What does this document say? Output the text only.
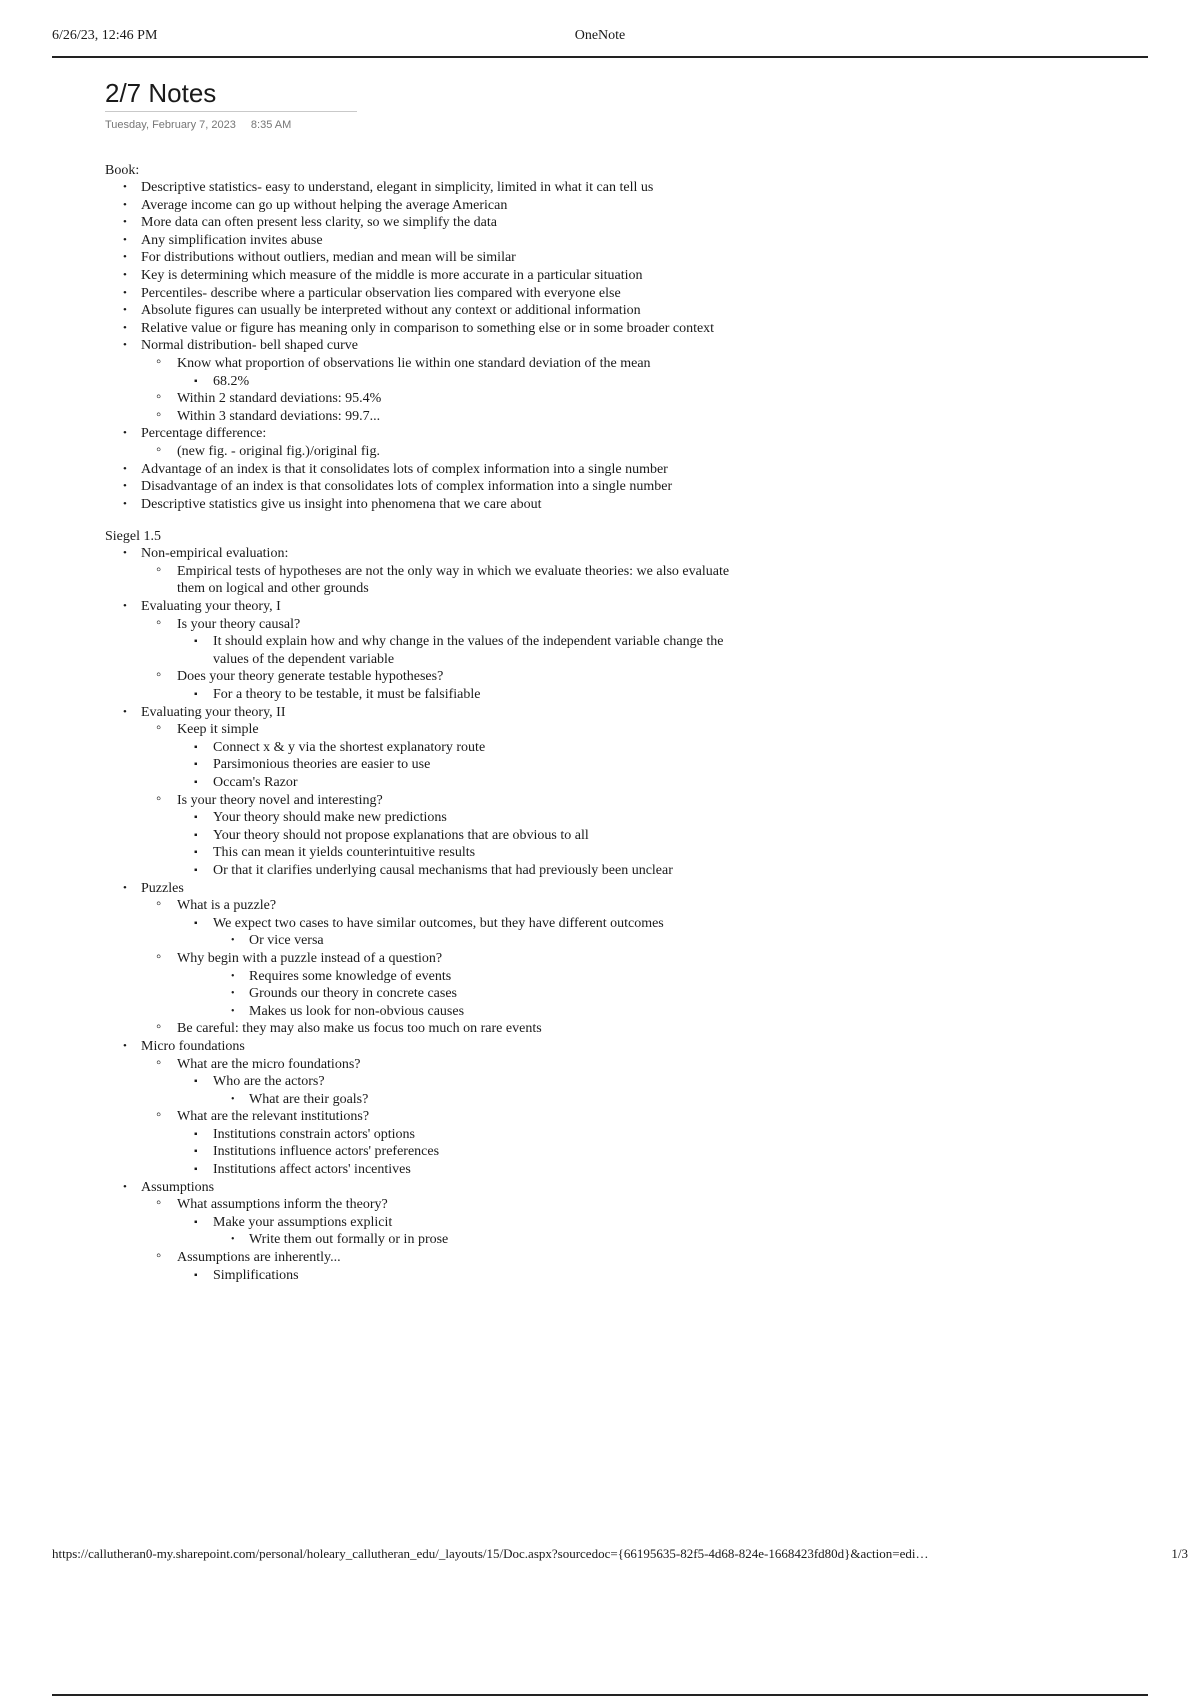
6/26/23, 12:46 PM	OneNote
2/7 Notes
Tuesday, February 7, 2023 8:35 AM
Book:
• Descriptive statistics- easy to understand, elegant in simplicity, limited in what it can tell us
• Average income can go up without helping the average American
• More data can often present less clarity, so we simplify the data
• Any simplification invites abuse
• For distributions without outliers, median and mean will be similar
• Key is determining which measure of the middle is more accurate in a particular situation
• Percentiles- describe where a particular observation lies compared with everyone else
• Absolute figures can usually be interpreted without any context or additional information
• Relative value or figure has meaning only in comparison to something else or in some broader context
• Normal distribution- bell shaped curve
◦ Know what proportion of observations lie within one standard deviation of the mean
▪ 68.2%
◦ Within 2 standard deviations: 95.4%
◦ Within 3 standard deviations: 99.7...
• Percentage difference:
◦ (new fig. - original fig.)/original fig.
• Advantage of an index is that it consolidates lots of complex information into a single number
• Disadvantage of an index is that consolidates lots of complex information into a single number
• Descriptive statistics give us insight into phenomena that we care about
Siegel 1.5
• Non-empirical evaluation:
◦ Empirical tests of hypotheses are not the only way in which we evaluate theories: we also evaluate them on logical and other grounds
• Evaluating your theory, I
◦ Is your theory causal?
▪ It should explain how and why change in the values of the independent variable change the values of the dependent variable
◦ Does your theory generate testable hypotheses?
▪ For a theory to be testable, it must be falsifiable
• Evaluating your theory, II
◦ Keep it simple
▪ Connect x & y via the shortest explanatory route
▪ Parsimonious theories are easier to use
▪ Occam's Razor
◦ Is your theory novel and interesting?
▪ Your theory should make new predictions
▪ Your theory should not propose explanations that are obvious to all
▪ This can mean it yields counterintuitive results
▪ Or that it clarifies underlying causal mechanisms that had previously been unclear
• Puzzles
◦ What is a puzzle?
▪ We expect two cases to have similar outcomes, but they have different outcomes
• Or vice versa
◦ Why begin with a puzzle instead of a question?
• Requires some knowledge of events
• Grounds our theory in concrete cases
• Makes us look for non-obvious causes
◦ Be careful: they may also make us focus too much on rare events
• Micro foundations
◦ What are the micro foundations?
▪ Who are the actors?
• What are their goals?
◦ What are the relevant institutions?
▪ Institutions constrain actors' options
▪ Institutions influence actors' preferences
▪ Institutions affect actors' incentives
• Assumptions
◦ What assumptions inform the theory?
▪ Make your assumptions explicit
• Write them out formally or in prose
◦ Assumptions are inherently...
▪ Simplifications
https://callutheran0-my.sharepoint.com/personal/holeary_callutheran_edu/_layouts/15/Doc.aspx?sourcedoc={66195635-82f5-4d68-824e-1668423fd80d}&action=edi…	1/3
